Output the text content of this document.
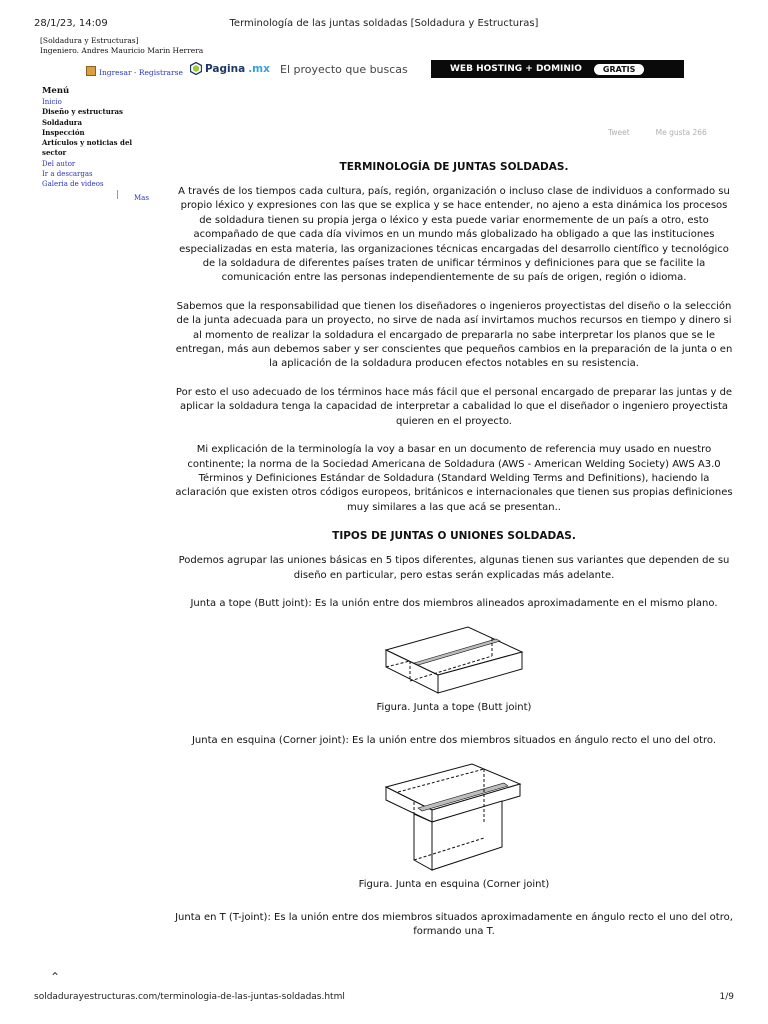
28/1/23, 14:09	Terminología de las juntas soldadas [Soldadura y Estructuras]
[Soldadura y Estructuras]
Ingeniero. Andres Mauricio Marin Herrera
Ingresar - Registrarse Pagina .mx El proyecto que buscas	WEB HOSTING + DOMINIO	GRATIS
Menú
Inicio
Diseño y estructuras
Soldadura
Inspección
Artículos y noticias del sector
Del autor
Ir a descargas
Galeria de videos
Mas
Tweet	Me gusta 266
TERMINOLOGÍA DE JUNTAS SOLDADAS.

A través de los tiempos cada cultura, país, región, organización o incluso clase de individuos a conformado su propio léxico y expresiones con las que se explica y se hace entender, no ajeno a esta dinámica los procesos de soldadura tienen su propia jerga o léxico y esta puede variar enormemente de un país a otro, esto acompañado de que cada día vivimos en un mundo más globalizado ha obligado a que las instituciones especializadas en esta materia, las organizaciones técnicas encargadas del desarrollo científico y tecnológico de la soldadura de diferentes países traten de unificar términos y definiciones para que se facilite la comunicación entre las personas independientemente de su país de origen, región o idioma.

Sabemos que la responsabilidad que tienen los diseñadores o ingenieros proyectistas del diseño o la selección de la junta adecuada para un proyecto, no sirve de nada así invirtamos muchos recursos en tiempo y dinero si al momento de realizar la soldadura el encargado de prepararla no sabe interpretar los planos que se le entregan, más aun debemos saber y ser conscientes que pequeños cambios en la preparación de la junta o en la aplicación de la soldadura producen efectos notables en su resistencia.

Por esto el uso adecuado de los términos hace más fácil que el personal encargado de preparar las juntas y de aplicar la soldadura tenga la capacidad de interpretar a cabalidad lo que el diseñador o ingeniero proyectista quieren en el proyecto.

Mi explicación de la terminología la voy a basar en un documento de referencia muy usado en nuestro continente; la norma de la Sociedad Americana de Soldadura (AWS - American Welding Society) AWS A3.0 Términos y Definiciones Estándar de Soldadura (Standard Welding Terms and Definitions), haciendo la aclaración que existen otros códigos europeos, británicos e internacionales que tienen sus propias definiciones muy similares a las que acá se presentan..

TIPOS DE JUNTAS O UNIONES SOLDADAS.

Podemos agrupar las uniones básicas en 5 tipos diferentes, algunas tienen sus variantes que dependen de su diseño en particular, pero estas serán explicadas más adelante.

Junta a tope (Butt joint): Es la unión entre dos miembros alineados aproximadamente en el mismo plano.

Figura. Junta a tope (Butt joint)

Junta en esquina (Corner joint): Es la unión entre dos miembros situados en ángulo recto el uno del otro.

Figura. Junta en esquina (Corner joint)

Junta en T (T-joint): Es la unión entre dos miembros situados aproximadamente en ángulo recto el uno del otro, formando una T.

⌃
soldadurayestructuras.com/terminologia-de-las-juntas-soldadas.html	1/9
